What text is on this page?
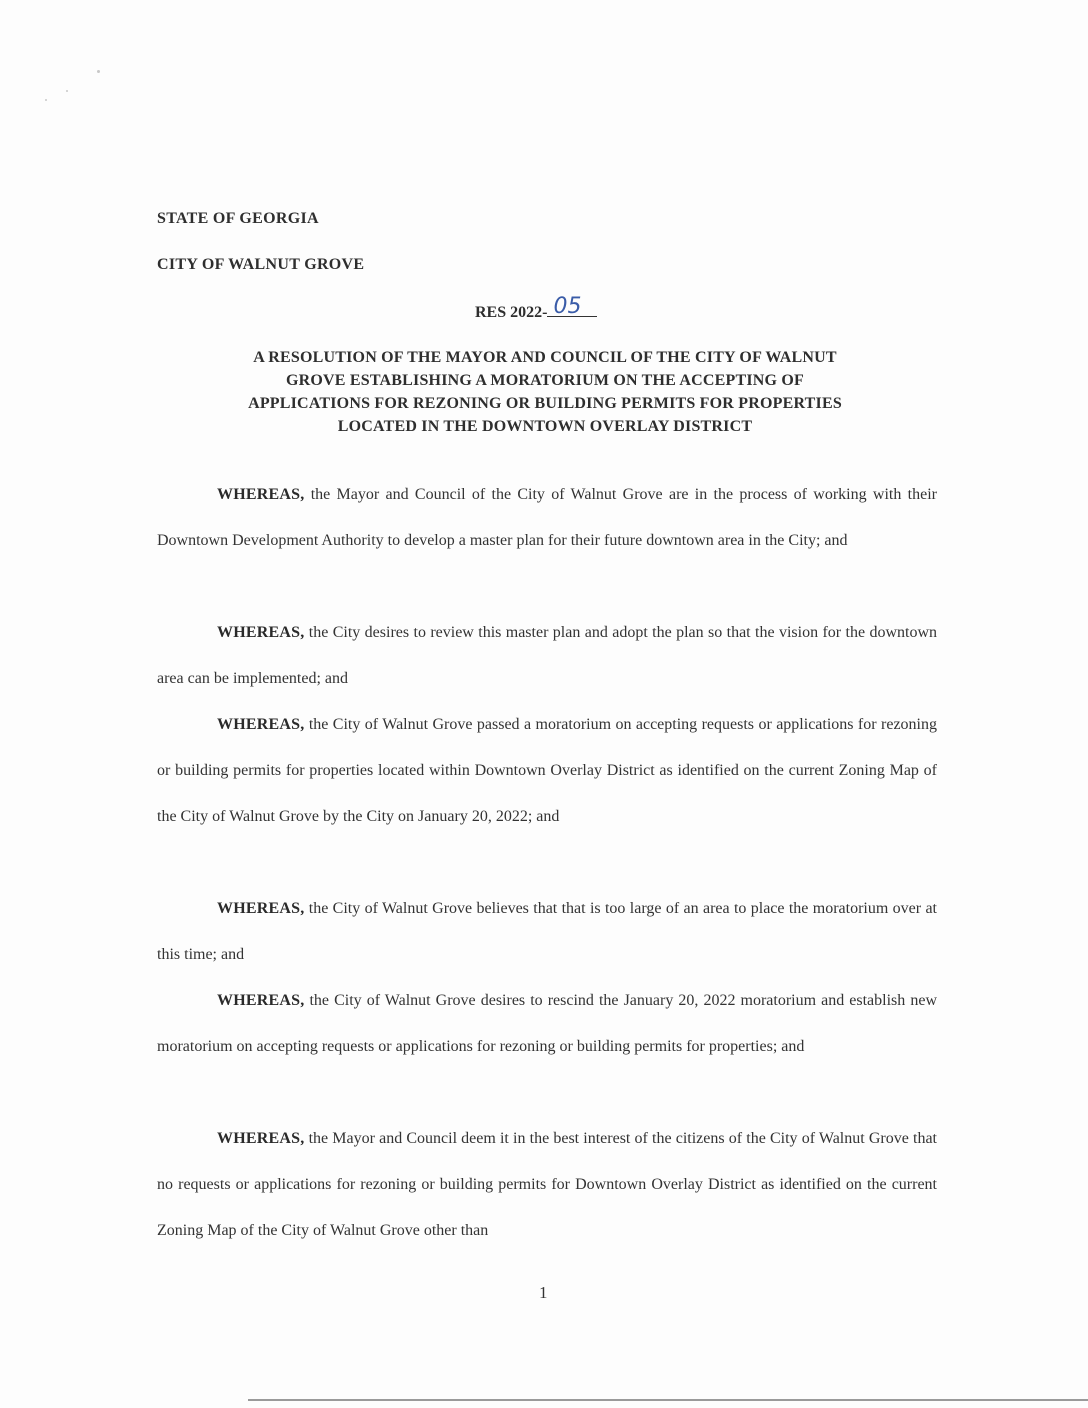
STATE OF GEORGIA
CITY OF WALNUT GROVE
RES 2022- 05
A RESOLUTION OF THE MAYOR AND COUNCIL OF THE CITY OF WALNUT
GROVE ESTABLISHING A MORATORIUM ON THE ACCEPTING OF
APPLICATIONS FOR REZONING OR BUILDING PERMITS FOR PROPERTIES
LOCATED IN THE DOWNTOWN OVERLAY DISTRICT
WHEREAS, the Mayor and Council of the City of Walnut Grove are in the process of working with their Downtown Development Authority to develop a master plan for their future downtown area in the City; and
WHEREAS, the City desires to review this master plan and adopt the plan so that the vision for the downtown area can be implemented; and
WHEREAS, the City of Walnut Grove passed a moratorium on accepting requests or applications for rezoning or building permits for properties located within Downtown Overlay District as identified on the current Zoning Map of the City of Walnut Grove by the City on January 20, 2022; and
WHEREAS, the City of Walnut Grove believes that that is too large of an area to place the moratorium over at this time; and
WHEREAS, the City of Walnut Grove desires to rescind the January 20, 2022 moratorium and establish new moratorium on accepting requests or applications for rezoning or building permits for properties; and
WHEREAS, the Mayor and Council deem it in the best interest of the citizens of the City of Walnut Grove that no requests or applications for rezoning or building permits for Downtown Overlay District as identified on the current Zoning Map of the City of Walnut Grove other than
1
